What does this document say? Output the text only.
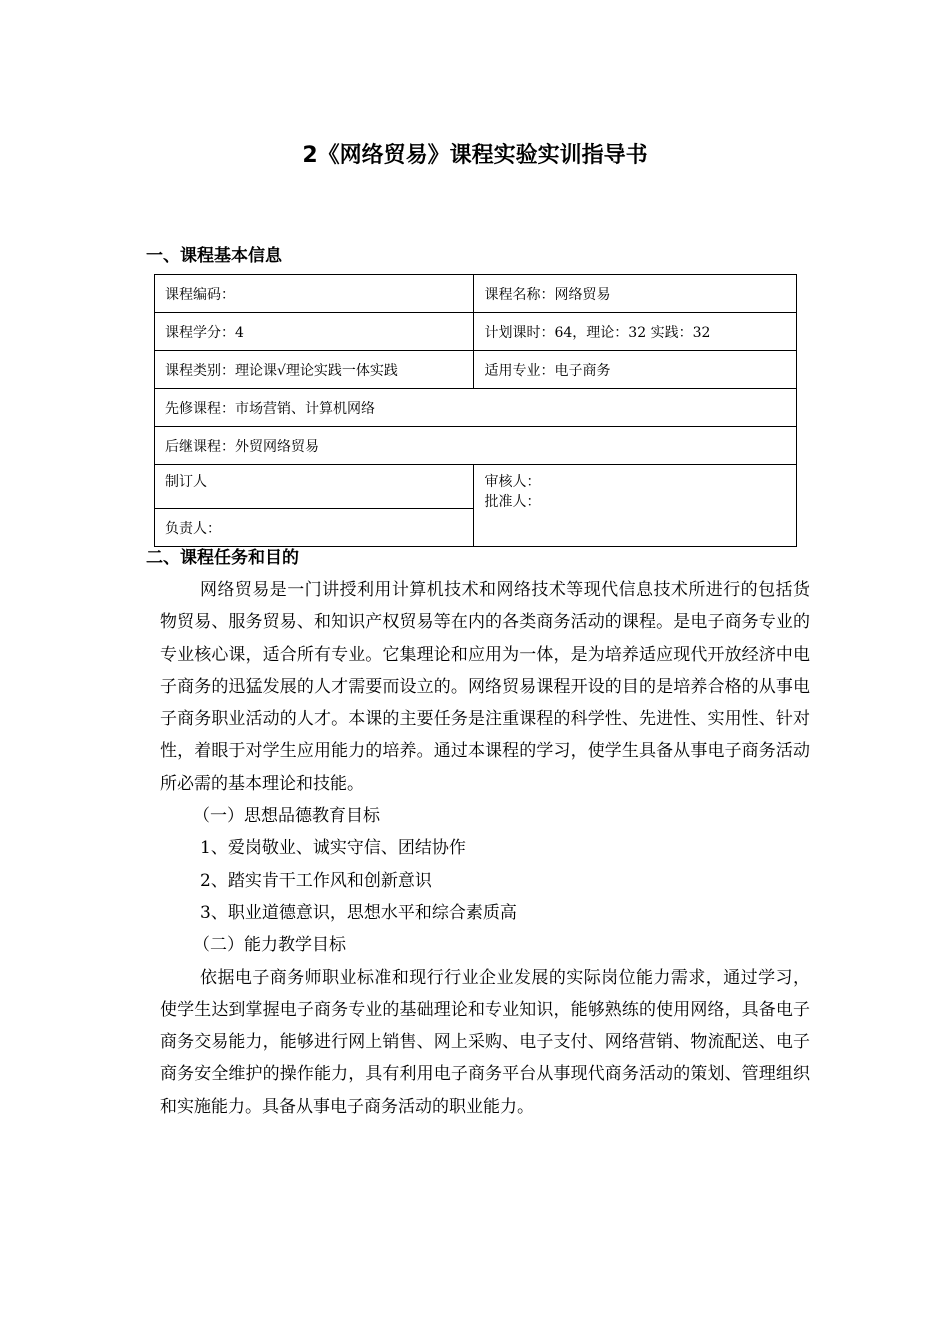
2《网络贸易》课程实验实训指导书
一、课程基本信息
课程编码：	课程名称：网络贸易
课程学分：4	计划课时：64，理论：32 实践：32
课程类别：理论课√理论实践一体实践	适用专业：电子商务
先修课程：市场营销、计算机网络	
后继课程：外贸网络贸易	
制订人	审核人：
批准人：

负责人：	
二、课程任务和目的

网络贸易是一门讲授利用计算机技术和网络技术等现代信息技术所进行的包括货物贸易、服务贸易、和知识产权贸易等在内的各类商务活动的课程。是电子商务专业的专业核心课，适合所有专业。它集理论和应用为一体，是为培养适应现代开放经济中电子商务的迅猛发展的人才需要而设立的。网络贸易课程开设的目的是培养合格的从事电子商务职业活动的人才。本课的主要任务是注重课程的科学性、先进性、实用性、针对性，着眼于对学生应用能力的培养。通过本课程的学习，使学生具备从事电子商务活动所必需的基本理论和技能。

（一）思想品德教育目标

1、爱岗敬业、诚实守信、团结协作

2、踏实肯干工作风和创新意识

3、职业道德意识，思想水平和综合素质高

（二）能力教学目标

依据电子商务师职业标准和现行行业企业发展的实际岗位能力需求，通过学习，使学生达到掌握电子商务专业的基础理论和专业知识，能够熟练的使用网络，具备电子商务交易能力，能够进行网上销售、网上采购、电子支付、网络营销、物流配送、电子商务安全维护的操作能力，具有利用电子商务平台从事现代商务活动的策划、管理组织和实施能力。具备从事电子商务活动的职业能力。
